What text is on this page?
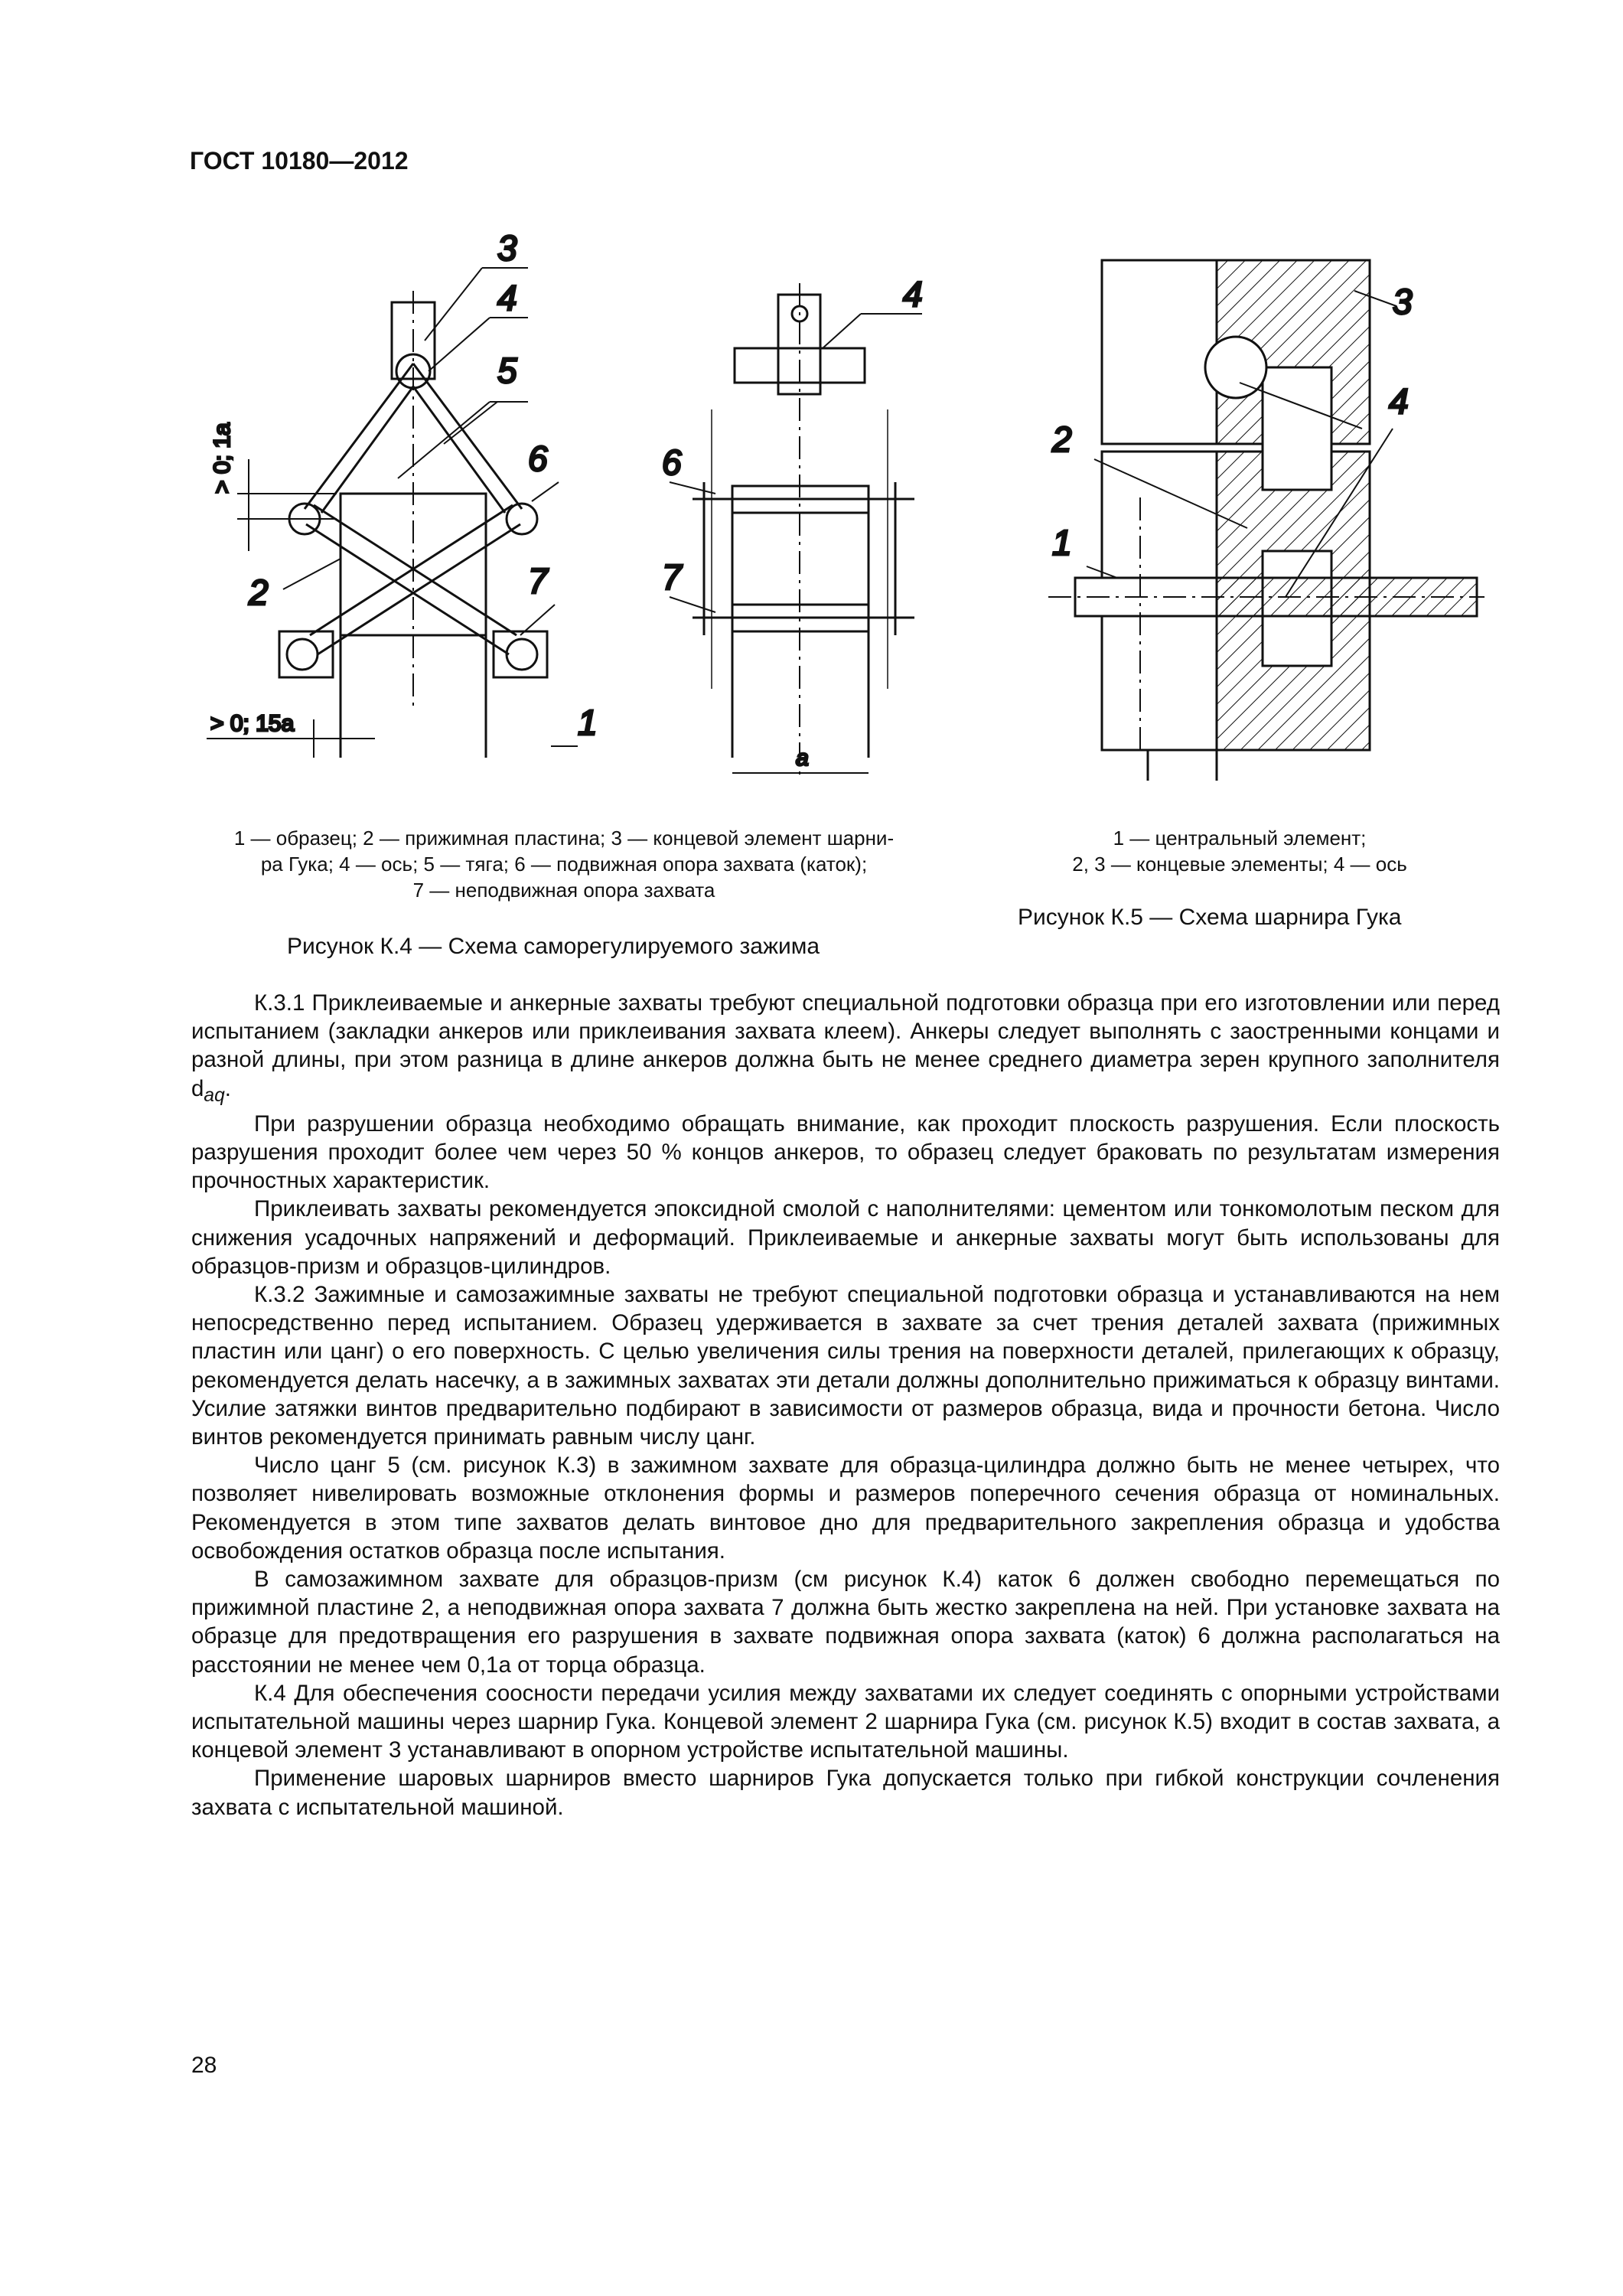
ГОСТ 10180—2012
3
4
5
6
2	7
1
> 0; 1a
> 0; 15a
4
6
7
a
3
4
2
1
1 — образец; 2 — прижимная пластина; 3 — концевой элемент шарни-
ра Гука; 4 — ось; 5 — тяга; 6 — подвижная опора захвата (каток);
7 — неподвижная опора захвата
Рисунок К.4 — Схема саморегулируемого зажима
1 — центральный элемент;
2, 3 — концевые элементы; 4 — ось
Рисунок К.5 — Схема шарнира Гука

К.3.1 Приклеиваемые и анкерные захваты требуют специальной подготовки образца при его изготовлении или перед испытанием (закладки анкеров или приклеивания захвата клеем). Анкеры следует выполнять с заостренными концами и разной длины, при этом разница в длине анкеров должна быть не менее среднего диаметра зерен крупного заполнителя $d_{aq}$.

При разрушении образца необходимо обращать внимание, как проходит плоскость разрушения. Если плоскость разрушения проходит более чем через 50 % концов анкеров, то образец следует браковать по результатам измерения прочностных характеристик.

Приклеивать захваты рекомендуется эпоксидной смолой с наполнителями: цементом или тонкомолотым песком для снижения усадочных напряжений и деформаций. Приклеиваемые и анкерные захваты могут быть использованы для образцов-призм и образцов-цилиндров.

К.3.2 Зажимные и самозажимные захваты не требуют специальной подготовки образца и устанавливаются на нем непосредственно перед испытанием. Образец удерживается в захвате за счет трения деталей захвата (прижимных пластин или цанг) о его поверхность. С целью увеличения силы трения на поверхности деталей, прилегающих к образцу, рекомендуется делать насечку, а в зажимных захватах эти детали должны дополнительно прижиматься к образцу винтами. Усилие затяжки винтов предварительно подбирают в зависимости от размеров образца, вида и прочности бетона. Число винтов рекомендуется принимать равным числу цанг.

Число цанг 5 (см. рисунок К.3) в зажимном захвате для образца-цилиндра должно быть не менее четырех, что позволяет нивелировать возможные отклонения формы и размеров поперечного сечения образца от номинальных. Рекомендуется в этом типе захватов делать винтовое дно для предварительного закрепления образца и удобства освобождения остатков образца после испытания.

В самозажимном захвате для образцов-призм (см рисунок К.4) каток 6 должен свободно перемещаться по прижимной пластине 2, а неподвижная опора захвата 7 должна быть жестко закреплена на ней. При установке захвата на образце для предотвращения его разрушения в захвате подвижная опора захвата (каток) 6 должна располагаться на расстоянии не менее чем 0,1a от торца образца.

К.4 Для обеспечения соосности передачи усилия между захватами их следует соединять с опорными устройствами испытательной машины через шарнир Гука. Концевой элемент 2 шарнира Гука (см. рисунок К.5) входит в состав захвата, а концевой элемент 3 устанавливают в опорном устройстве испытательной машины.

Применение шаровых шарниров вместо шарниров Гука допускается только при гибкой конструкции сочленения захвата с испытательной машиной.

28
